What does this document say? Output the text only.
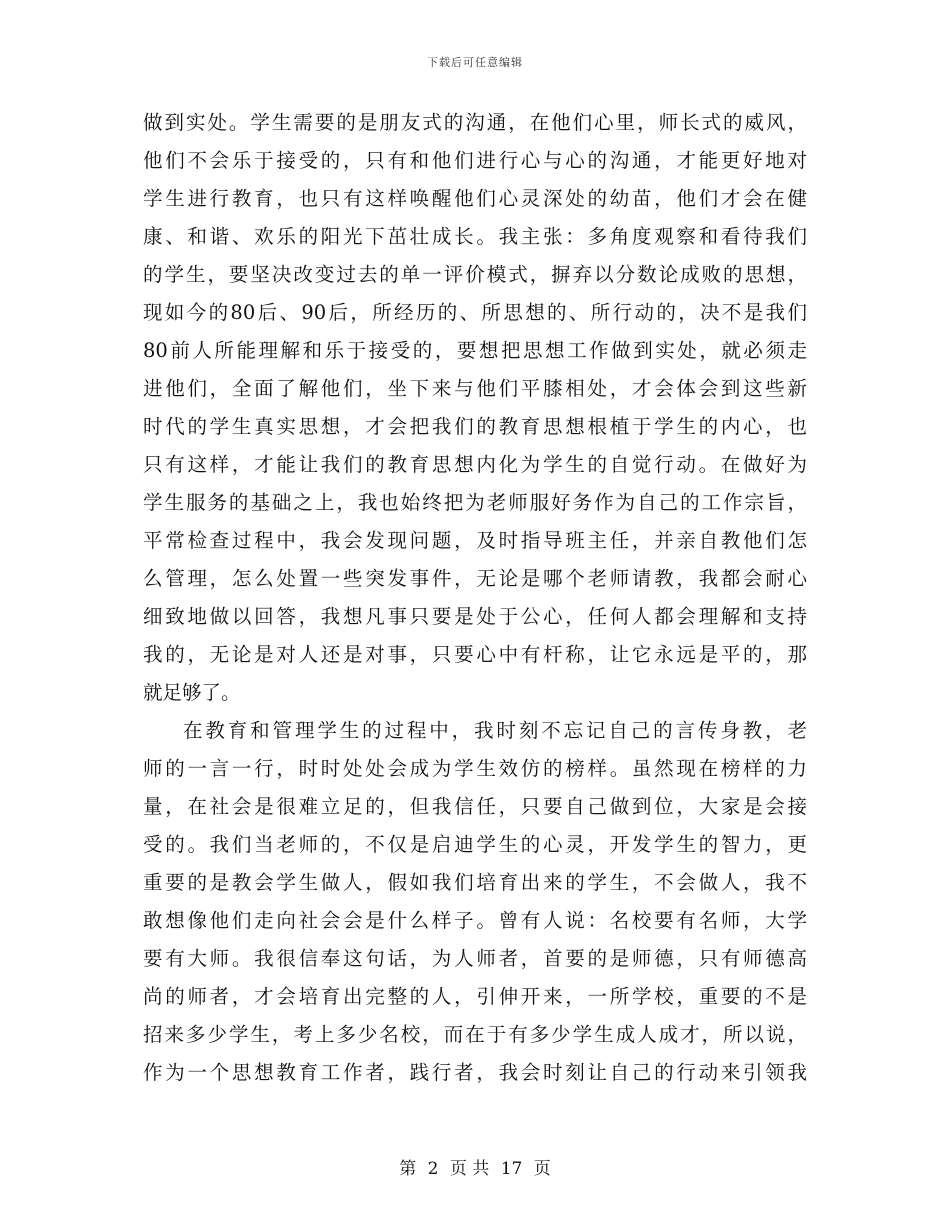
下载后可任意编辑
做到实处。学生需要的是朋友式的沟通，在他们心里，师长式的威风，
他们不会乐于接受的，只有和他们进行心与心的沟通，才能更好地对
学生进行教育，也只有这样唤醒他们心灵深处的幼苗，他们才会在健
康、和谐、欢乐的阳光下茁壮成长。我主张：多角度观察和看待我们
的学生，要坚决改变过去的单一评价模式，摒弃以分数论成败的思想，
现如今的80后、90后，所经历的、所思想的、所行动的，决不是我们
80前人所能理解和乐于接受的，要想把思想工作做到实处，就必须走
进他们，全面了解他们，坐下来与他们平膝相处，才会体会到这些新
时代的学生真实思想，才会把我们的教育思想根植于学生的内心，也
只有这样，才能让我们的教育思想内化为学生的自觉行动。在做好为
学生服务的基础之上，我也始终把为老师服好务作为自己的工作宗旨，
平常检查过程中，我会发现问题，及时指导班主任，并亲自教他们怎
么管理，怎么处置一些突发事件，无论是哪个老师请教，我都会耐心
细致地做以回答，我想凡事只要是处于公心，任何人都会理解和支持
我的，无论是对人还是对事，只要心中有杆称，让它永远是平的，那
就足够了。
在教育和管理学生的过程中，我时刻不忘记自己的言传身教，老
师的一言一行，时时处处会成为学生效仿的榜样。虽然现在榜样的力
量，在社会是很难立足的，但我信任，只要自己做到位，大家是会接
受的。我们当老师的，不仅是启迪学生的心灵，开发学生的智力，更
重要的是教会学生做人，假如我们培育出来的学生，不会做人，我不
敢想像他们走向社会会是什么样子。曾有人说：名校要有名师，大学
要有大师。我很信奉这句话，为人师者，首要的是师德，只有师德高
尚的师者，才会培育出完整的人，引伸开来，一所学校，重要的不是
招来多少学生，考上多少名校，而在于有多少学生成人成才，所以说，
作为一个思想教育工作者，践行者，我会时刻让自己的行动来引领我
第 2 页 共 17 页
